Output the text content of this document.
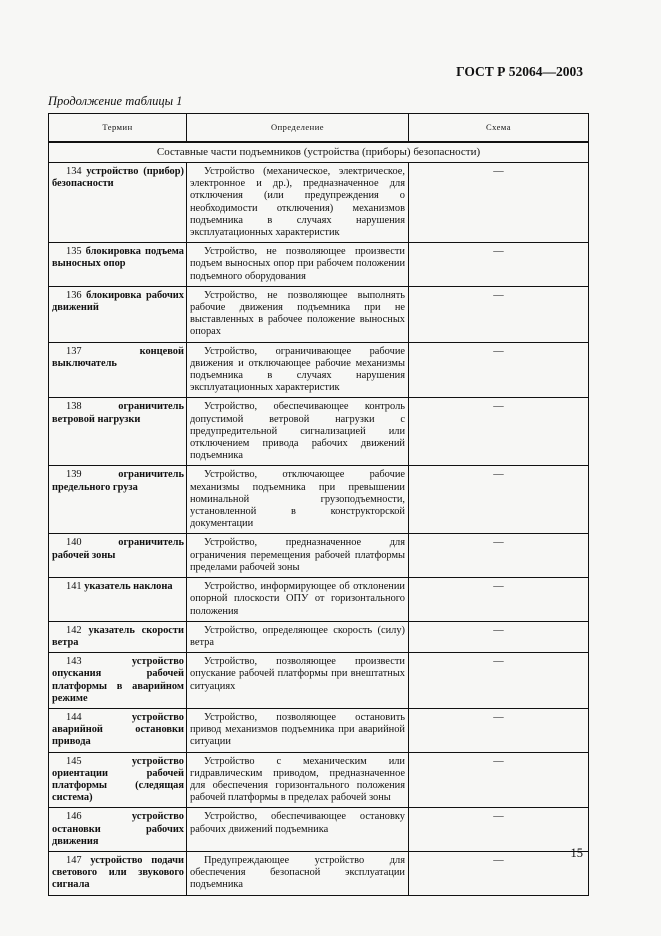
ГОСТ Р 52064—2003
Продолжение таблицы 1
Термин	Определение	Схема
Составные части подъемников (устройства (приборы) безопасности)		
134 устройство (прибор) безопасности	Устройство (механическое, электрическое, электронное и др.), предназначенное для отключения (или предупреждения о необходимости отключения) механизмов подъемника в случаях нарушения эксплуатационных характеристик	—
135 блокировка подъема выносных опор	Устройство, не позволяющее произвести подъем выносных опор при рабочем положении подъемного оборудования	—
136 блокировка рабочих движений	Устройство, не позволяющее выполнять рабочие движения подъемника при не выставленных в рабочее положение выносных опорах	—
137 концевой выключатель	Устройство, ограничивающее рабочие движения и отключающее рабочие механизмы подъемника в случаях нарушения эксплуатационных характеристик	—
138 ограничитель ветровой нагрузки	Устройство, обеспечивающее контроль допустимой ветровой нагрузки с предупредительной сигнализацией или отключением привода рабочих движений подъемника	—
139 ограничитель предельного груза	Устройство, отключающее рабочие механизмы подъемника при превышении номинальной грузоподъемности, установленной в конструкторской документации	—
140 ограничитель рабочей зоны	Устройство, предназначенное для ограничения перемещения рабочей платформы пределами рабочей зоны	—
141 указатель наклона	Устройство, информирующее об отклонении опорной плоскости ОПУ от горизонтального положения	—
142 указатель скорости ветра	Устройство, определяющее скорость (силу) ветра	—
143 устройство опускания рабочей платформы в аварийном режиме	Устройство, позволяющее произвести опускание рабочей платформы при внештатных ситуациях	—
144 устройство аварийной остановки привода	Устройство, позволяющее остановить привод механизмов подъемника при аварийной ситуации	—
145 устройство ориентации рабочей платформы (следящая система)	Устройство с механическим или гидравлическим приводом, предназначенное для обеспечения горизонтального положения рабочей платформы в пределах рабочей зоны	—
146 устройство остановки рабочих движения	Устройство, обеспечивающее остановку рабочих движений подъемника	—
147 устройство подачи светового или звукового сигнала	Предупреждающее устройство для обеспечения безопасной эксплуатации подъемника	—
15
